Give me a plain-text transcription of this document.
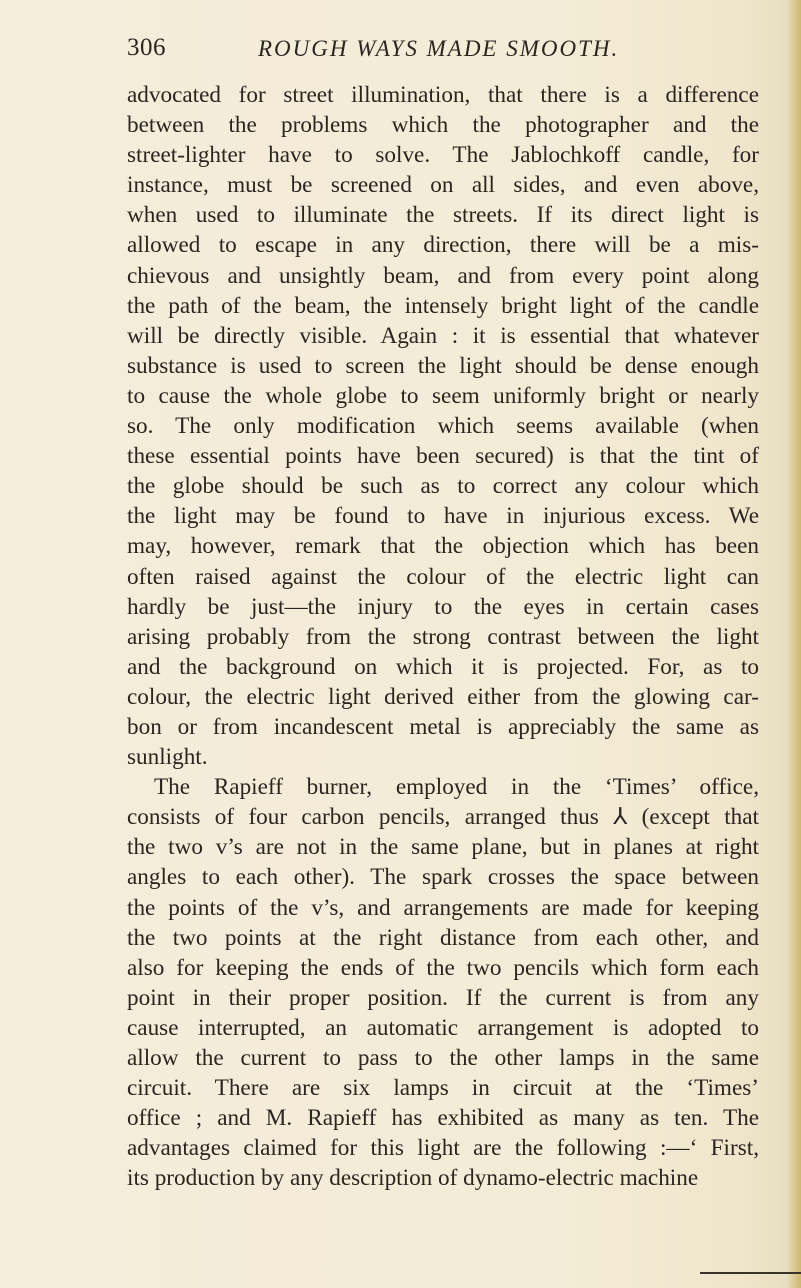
306	ROUGH WAYS MADE SMOOTH.
advocated for street illumination, that there is a difference
between the problems which the photographer and the
street-lighter have to solve. The Jablochkoff candle, for
instance, must be screened on all sides, and even above,
when used to illuminate the streets. If its direct light is
allowed to escape in any direction, there will be a mis-
chievous and unsightly beam, and from every point along
the path of the beam, the intensely bright light of the candle
will be directly visible. Again : it is essential that whatever
substance is used to screen the light should be dense enough
to cause the whole globe to seem uniformly bright or nearly
so. The only modification which seems available (when
these essential points have been secured) is that the tint of
the globe should be such as to correct any colour which
the light may be found to have in injurious excess. We
may, however, remark that the objection which has been
often raised against the colour of the electric light can
hardly be just—the injury to the eyes in certain cases
arising probably from the strong contrast between the light
and the background on which it is projected. For, as to
colour, the electric light derived either from the glowing car-
bon or from incandescent metal is appreciably the same as
sunlight.
The Rapieff burner, employed in the ‘Times’ office,
consists of four carbon pencils, arranged thus ⅄ (except that
the two v’s are not in the same plane, but in planes at right
angles to each other). The spark crosses the space between
the points of the v’s, and arrangements are made for keeping
the two points at the right distance from each other, and
also for keeping the ends of the two pencils which form each
point in their proper position. If the current is from any
cause interrupted, an automatic arrangement is adopted to
allow the current to pass to the other lamps in the same
circuit. There are six lamps in circuit at the ‘Times’
office ; and M. Rapieff has exhibited as many as ten. The
advantages claimed for this light are the following :—‘ First,
its production by any description of dynamo-electric machine
